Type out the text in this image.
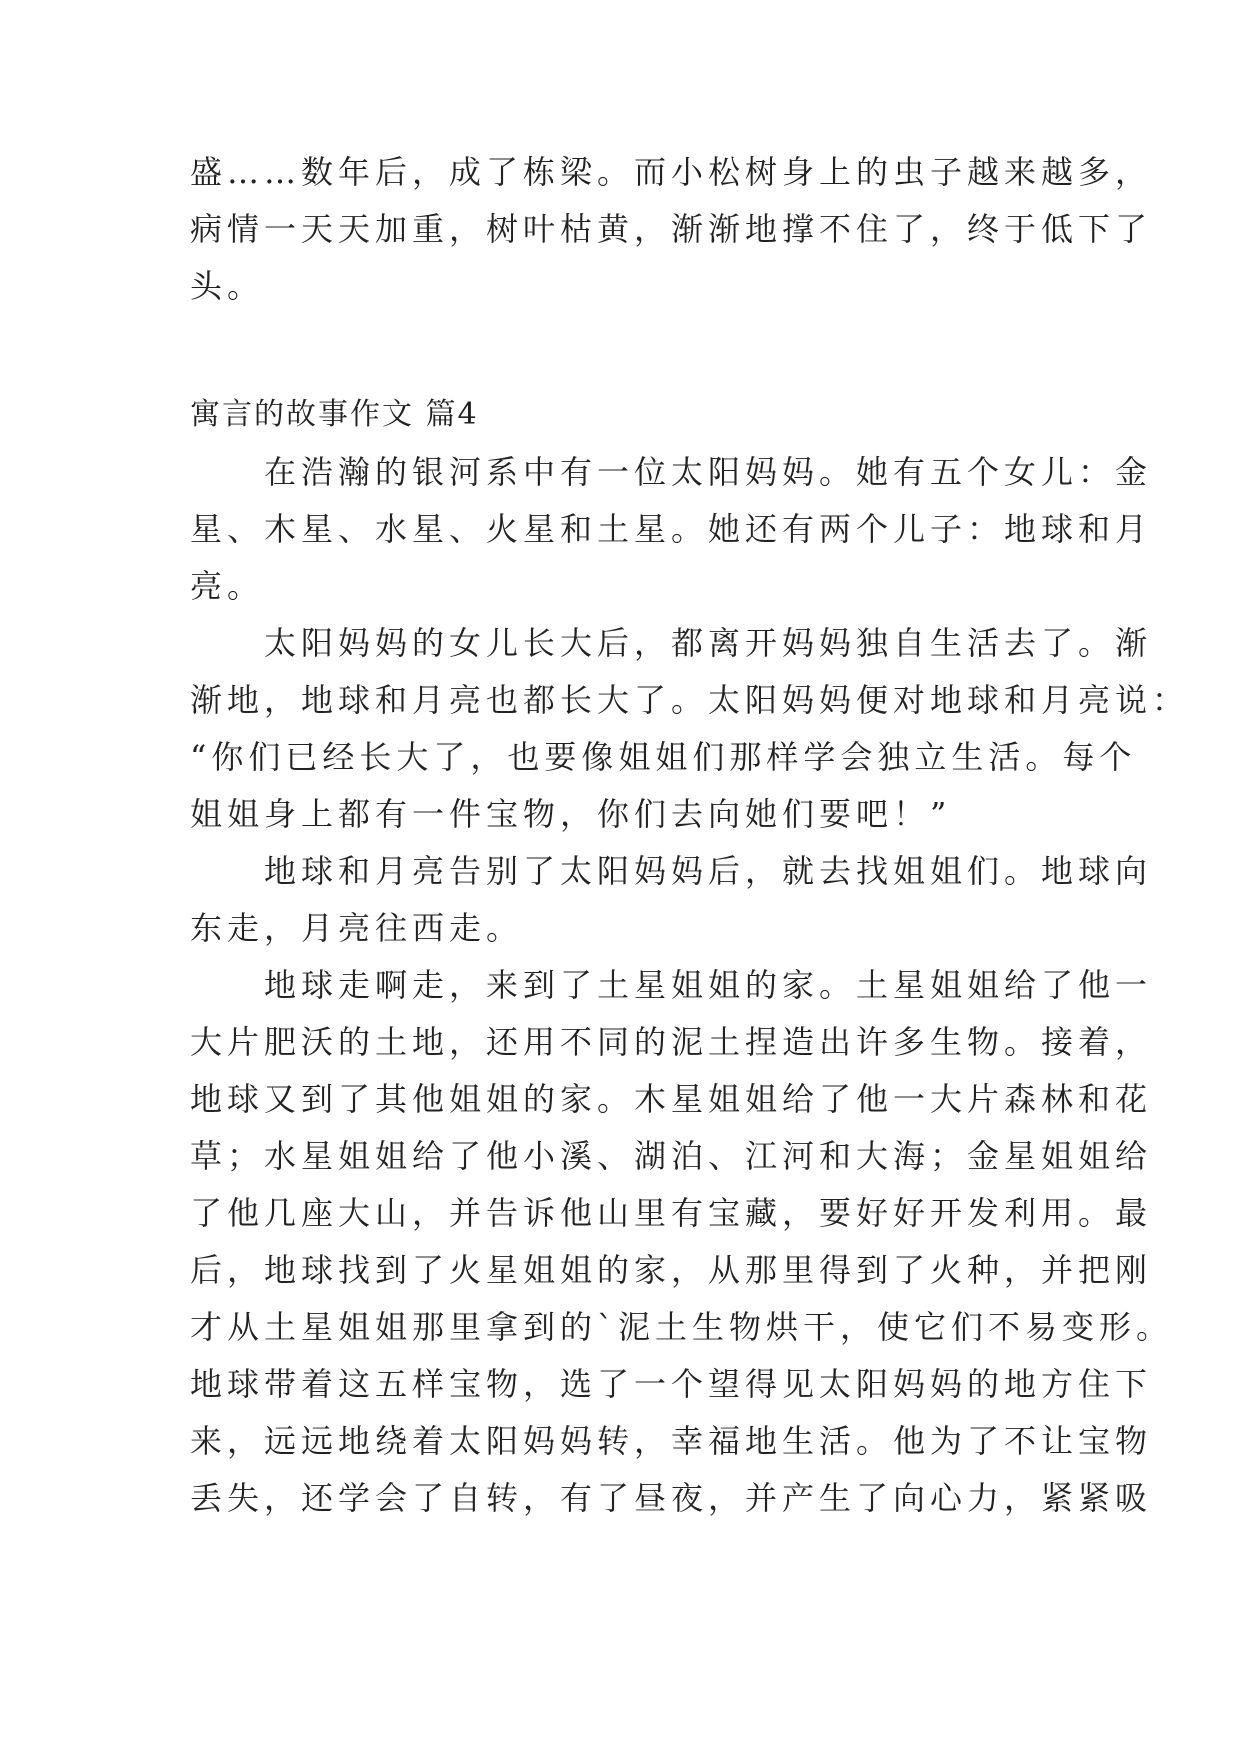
盛……数年后，成了栋梁。而小松树身上的虫子越来越多，
病情一天天加重，树叶枯黄，渐渐地撑不住了，终于低下了
头。
寓言的故事作文 篇4
　　在浩瀚的银河系中有一位太阳妈妈。她有五个女儿：金
星、木星、水星、火星和土星。她还有两个儿子：地球和月
亮。
　　太阳妈妈的女儿长大后，都离开妈妈独自生活去了。渐
渐地，地球和月亮也都长大了。太阳妈妈便对地球和月亮说：
“你们已经长大了，也要像姐姐们那样学会独立生活。每个
姐姐身上都有一件宝物，你们去向她们要吧！”
　　地球和月亮告别了太阳妈妈后，就去找姐姐们。地球向
东走，月亮往西走。
　　地球走啊走，来到了土星姐姐的家。土星姐姐给了他一
大片肥沃的土地，还用不同的泥土捏造出许多生物。接着，
地球又到了其他姐姐的家。木星姐姐给了他一大片森林和花
草；水星姐姐给了他小溪、湖泊、江河和大海；金星姐姐给
了他几座大山，并告诉他山里有宝藏，要好好开发利用。最
后，地球找到了火星姐姐的家，从那里得到了火种，并把刚
才从土星姐姐那里拿到的`泥土生物烘干，使它们不易变形。
地球带着这五样宝物，选了一个望得见太阳妈妈的地方住下
来，远远地绕着太阳妈妈转，幸福地生活。他为了不让宝物
丢失，还学会了自转，有了昼夜，并产生了向心力，紧紧吸
